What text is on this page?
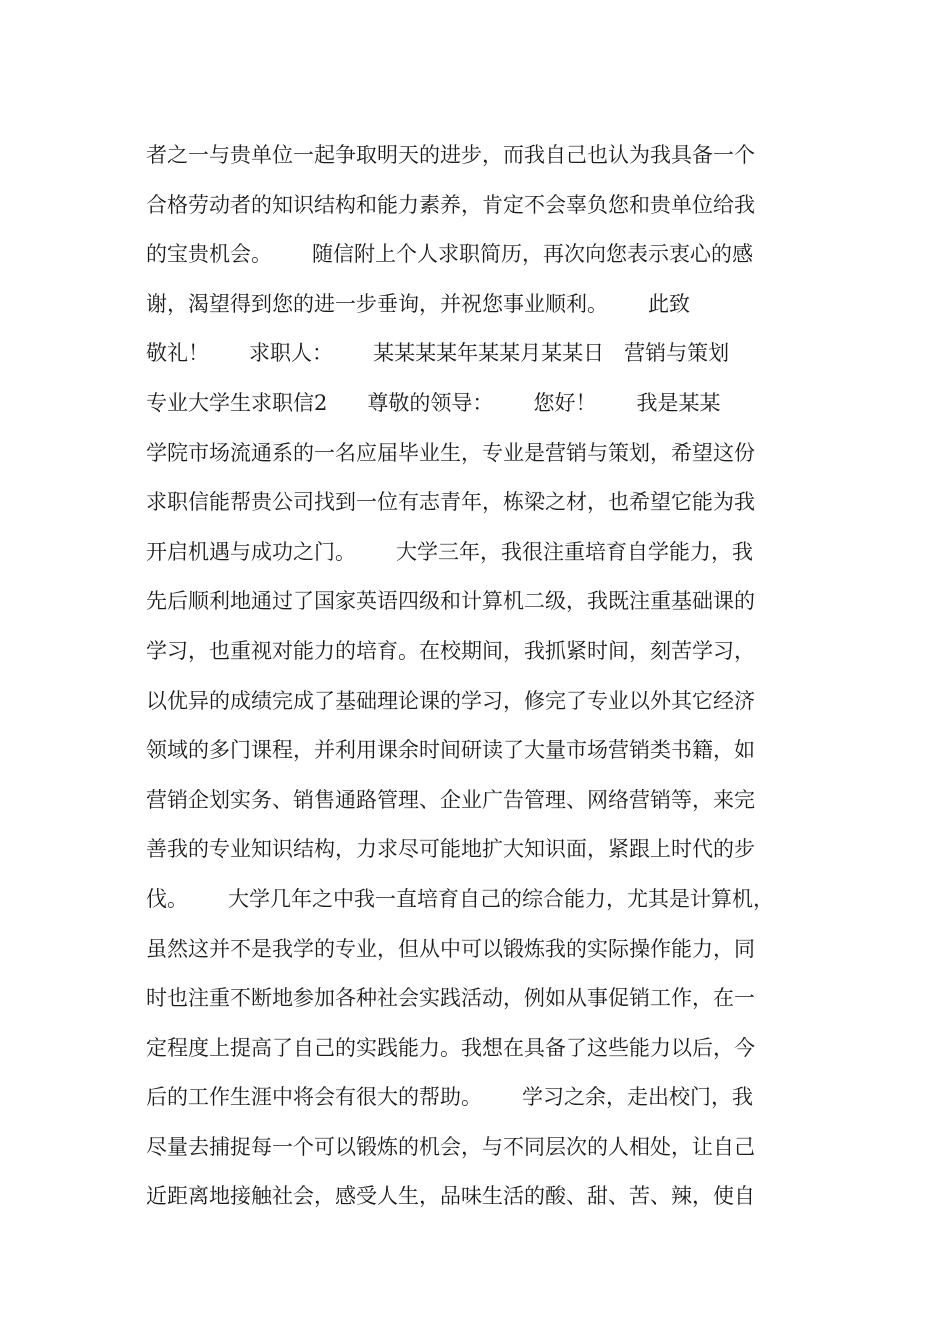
者之一与贵单位一起争取明天的进步，而我自己也认为我具备一个
合格劳动者的知识结构和能力素养，肯定不会辜负您和贵单位给我
的宝贵机会。      随信附上个人求职简历，再次向您表示衷心的感
谢，渴望得到您的进一步垂询，并祝您事业顺利。      此致
敬礼！      求职人：      某某某某年某某月某某日   营销与策划
专业大学生求职信2      尊敬的领导：      您好！      我是某某
学院市场流通系的一名应届毕业生，专业是营销与策划，希望这份
求职信能帮贵公司找到一位有志青年，栋梁之材，也希望它能为我
开启机遇与成功之门。      大学三年，我很注重培育自学能力，我
先后顺利地通过了国家英语四级和计算机二级，我既注重基础课的
学习，也重视对能力的培育。在校期间，我抓紧时间，刻苦学习，
以优异的成绩完成了基础理论课的学习，修完了专业以外其它经济
领域的多门课程，并利用课余时间研读了大量市场营销类书籍，如
营销企划实务、销售通路管理、企业广告管理、网络营销等，来完
善我的专业知识结构，力求尽可能地扩大知识面，紧跟上时代的步
伐。      大学几年之中我一直培育自己的综合能力，尤其是计算机，
虽然这并不是我学的专业，但从中可以锻炼我的实际操作能力，同
时也注重不断地参加各种社会实践活动，例如从事促销工作，在一
定程度上提高了自己的实践能力。我想在具备了这些能力以后，今
后的工作生涯中将会有很大的帮助。      学习之余，走出校门，我
尽量去捕捉每一个可以锻炼的机会，与不同层次的人相处，让自己
近距离地接触社会，感受人生，品味生活的酸、甜、苦、辣，使自
